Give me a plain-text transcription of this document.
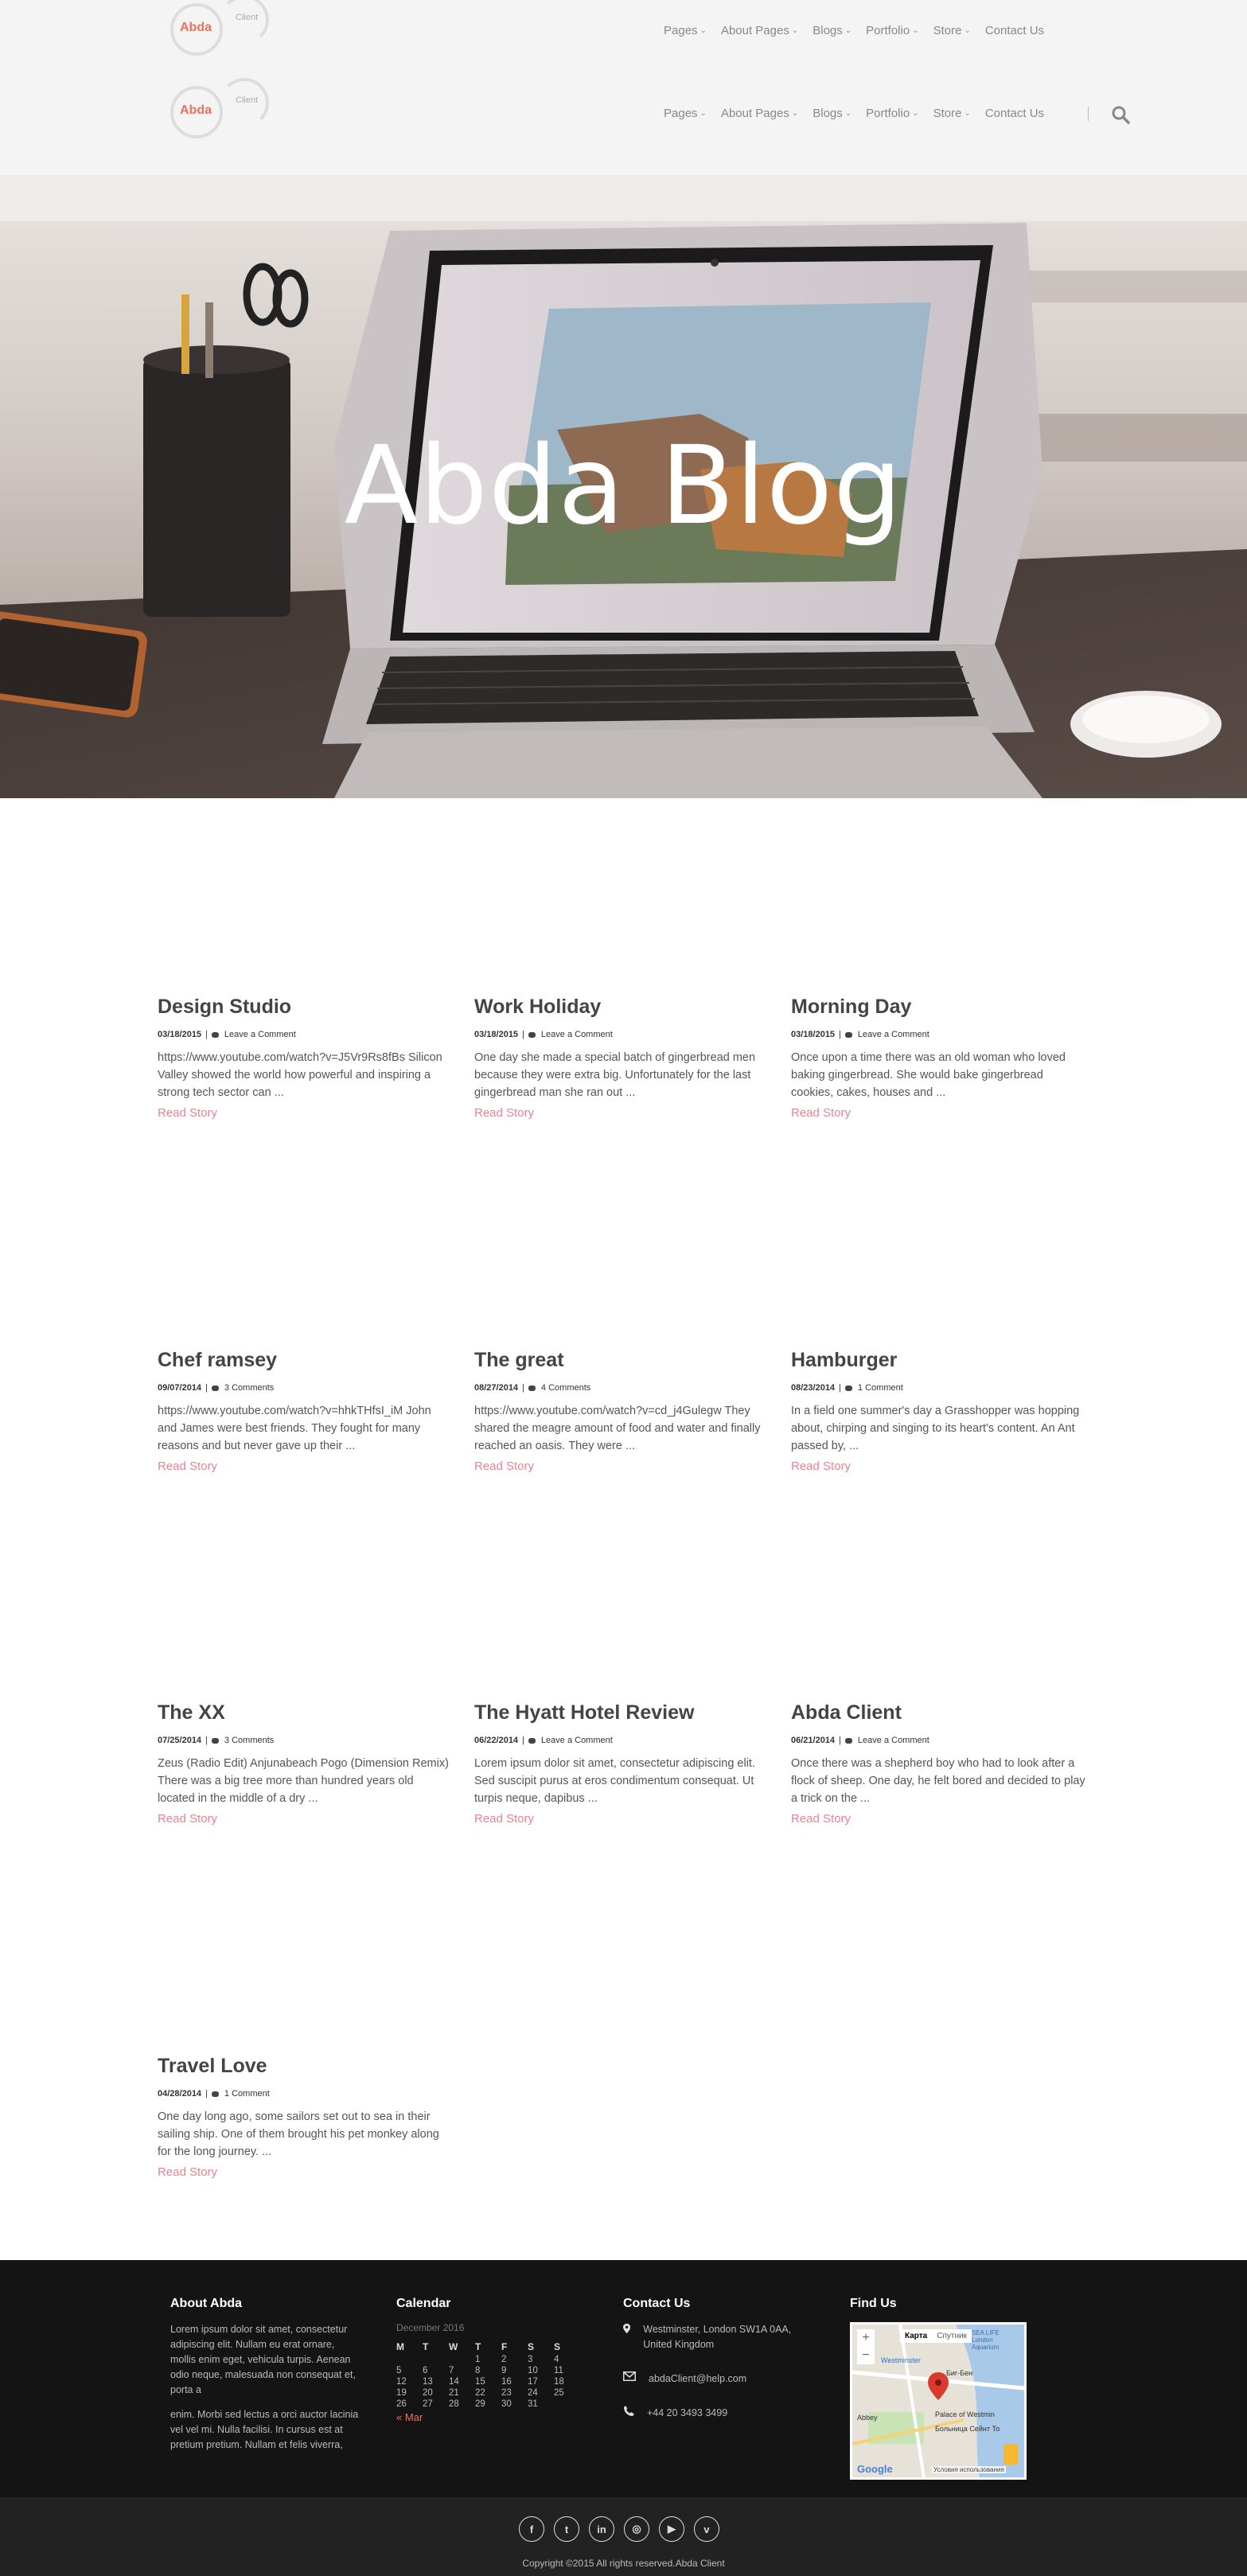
Abda
Client
Pages ⌄ About Pages ⌄ Blogs ⌄ Portfolio ⌄ Store ⌄ Contact Us
Abda
Client
Pages ⌄ About Pages ⌄ Blogs ⌄ Portfolio ⌄ Store ⌄ Contact Us
Abda Blog
Design Studio
03/18/2015 | Leave a Comment

https://www.youtube.com/watch?v=J5Vr9Rs8fBs Silicon Valley showed the world how powerful and inspiring a strong tech sector can ...

Read Story
Work Holiday
03/18/2015 | Leave a Comment

One day she made a special batch of gingerbread men because they were extra big. Unfortunately for the last gingerbread man she ran out ...

Read Story
Morning Day
03/18/2015 | Leave a Comment

Once upon a time there was an old woman who loved baking gingerbread. She would bake gingerbread cookies, cakes, houses and ...

Read Story
Chef ramsey
09/07/2014 | 3 Comments

https://www.youtube.com/watch?v=hhkTHfsI_iM John and James were best friends. They fought for many reasons and but never gave up their ...

Read Story
The great
08/27/2014 | 4 Comments

https://www.youtube.com/watch?v=cd_j4Gulegw They shared the meagre amount of food and water and finally reached an oasis. They were ...

Read Story
Hamburger
08/23/2014 | 1 Comment

In a field one summer's day a Grasshopper was hopping about, chirping and singing to its heart's content. An Ant passed by, ...

Read Story
The XX
07/25/2014 | 3 Comments

Zeus (Radio Edit) Anjunabeach Pogo (Dimension Remix) There was a big tree more than hundred years old located in the middle of a dry ...

Read Story
The Hyatt Hotel Review
06/22/2014 | Leave a Comment

Lorem ipsum dolor sit amet, consectetur adipiscing elit. Sed suscipit purus at eros condimentum consequat. Ut turpis neque, dapibus ...

Read Story
Abda Client
06/21/2014 | Leave a Comment

Once there was a shepherd boy who had to look after a flock of sheep. One day, he felt bored and decided to play a trick on the ...

Read Story
Travel Love
04/28/2014 | 1 Comment

One day long ago, some sailors set out to sea in their sailing ship. One of them brought his pet monkey along for the long journey. ...

Read Story
About Abda

Lorem ipsum dolor sit amet, consectetur adipiscing elit. Nullam eu erat ornare, mollis enim eget, vehicula turpis. Aenean odio neque, malesuada non consequat et, porta a

enim. Morbi sed lectus a orci auctor lacinia vel vel mi. Nulla facilisi. In cursus est at pretium pretium. Nullam et felis viverra,

Calendar
December 2016
M	T	W	T	F	S	S
			1	2	3	4
5	6	7	8	9	10	11
12	13	14	15	16	17	18
19	20	21	22	23	24	25
26	27	28	29	30	31	
« Mar
Contact Us
Westminster, London SW1A 0AA, United Kingdom
abdaClient@help.com
+44 20 3493 3499
Find Us
+
−
Карта	Спутник
Westminster
Биг-Бен
Palace of Westmin
Abbey
Больница Сейнт То
SEA LIFE London Aquarium
Google	Условия использования
f	t	in	◎	▶	v
Copyright ©2015 All rights reserved.Abda Client
